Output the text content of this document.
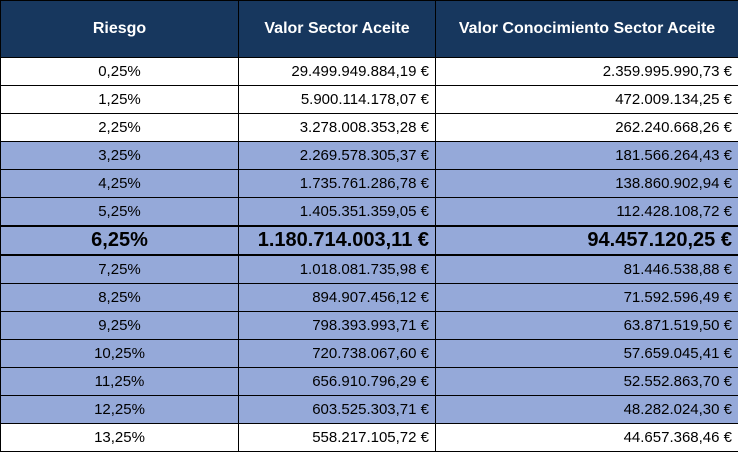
Riesgo	Valor Sector Aceite	Valor Conocimiento Sector Aceite
0,25%	29.499.949.884,19 €	2.359.995.990,73 €
1,25%	5.900.114.178,07 €	472.009.134,25 €
2,25%	3.278.008.353,28 €	262.240.668,26 €
3,25%	2.269.578.305,37 €	181.566.264,43 €
4,25%	1.735.761.286,78 €	138.860.902,94 €
5,25%	1.405.351.359,05 €	112.428.108,72 €
6,25%	1.180.714.003,11 €	94.457.120,25 €
7,25%	1.018.081.735,98 €	81.446.538,88 €
8,25%	894.907.456,12 €	71.592.596,49 €
9,25%	798.393.993,71 €	63.871.519,50 €
10,25%	720.738.067,60 €	57.659.045,41 €
11,25%	656.910.796,29 €	52.552.863,70 €
12,25%	603.525.303,71 €	48.282.024,30 €
13,25%	558.217.105,72 €	44.657.368,46 €
